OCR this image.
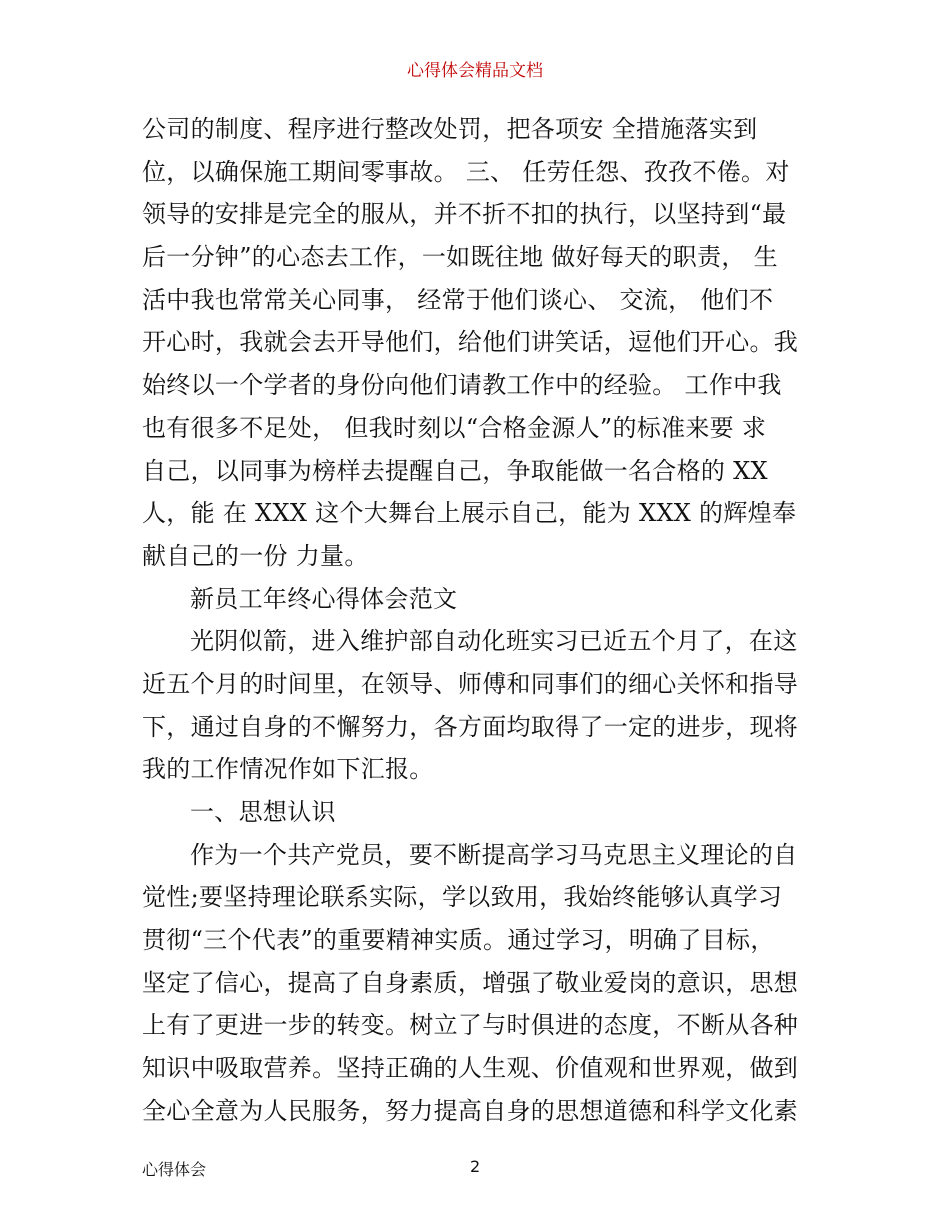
心得体会精品文档
公司的制度、程序进行整改处罚，把各项安 全措施落实到
位，以确保施工期间零事故。 三、 任劳任怨、孜孜不倦。对
领导的安排是完全的服从，并不折不扣的执行，以坚持到“最
后一分钟”的心态去工作，一如既往地 做好每天的职责， 生
活中我也常常关心同事， 经常于他们谈心、 交流， 他们不
开心时，我就会去开导他们，给他们讲笑话，逗他们开心。我
始终以一个学者的身份向他们请教工作中的经验。 工作中我
也有很多不足处， 但我时刻以“合格金源人”的标准来要 求
自己，以同事为榜样去提醒自己，争取能做一名合格的 XX
人，能 在 XXX 这个大舞台上展示自己，能为 XXX 的辉煌奉
献自己的一份 力量。
新员工年终心得体会范文
光阴似箭，进入维护部自动化班实习已近五个月了，在这
近五个月的时间里，在领导、师傅和同事们的细心关怀和指导
下，通过自身的不懈努力，各方面均取得了一定的进步，现将
我的工作情况作如下汇报。
一、思想认识
作为一个共产党员，要不断提高学习马克思主义理论的自
觉性;要坚持理论联系实际，学以致用，我始终能够认真学习
贯彻“三个代表”的重要精神实质。通过学习，明确了目标，
坚定了信心，提高了自身素质，增强了敬业爱岗的意识，思想
上有了更进一步的转变。树立了与时俱进的态度，不断从各种
知识中吸取营养。坚持正确的人生观、价值观和世界观，做到
全心全意为人民服务，努力提高自身的思想道德和科学文化素
心得体会	2
